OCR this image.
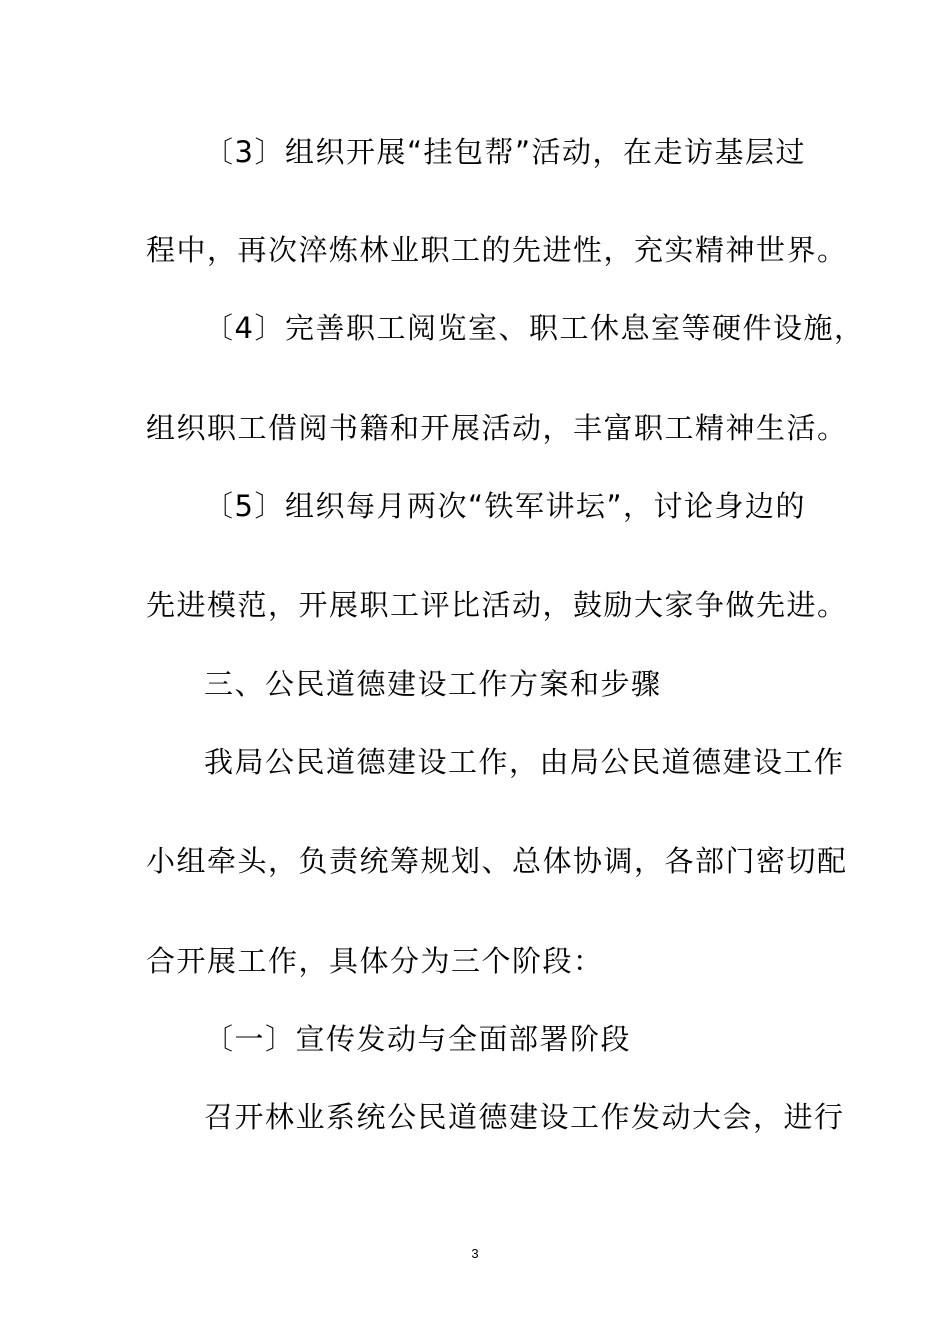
〔3〕组织开展“挂包帮”活动，在走访基层过
程中，再次淬炼林业职工的先进性，充实精神世界。
〔4〕完善职工阅览室、职工休息室等硬件设施，
组织职工借阅书籍和开展活动，丰富职工精神生活。
〔5〕组织每月两次“铁军讲坛”，讨论身边的
先进模范，开展职工评比活动，鼓励大家争做先进。
三、公民道德建设工作方案和步骤
我局公民道德建设工作，由局公民道德建设工作
小组牵头，负责统筹规划、总体协调，各部门密切配
合开展工作，具体分为三个阶段：
〔一〕宣传发动与全面部署阶段
召开林业系统公民道德建设工作发动大会，进行
3
